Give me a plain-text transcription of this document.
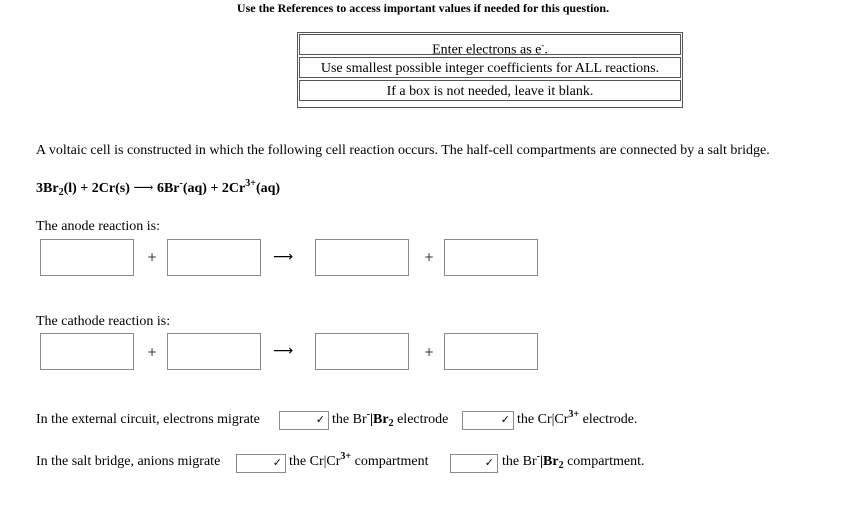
Use the References to access important values if needed for this question.
Enter electrons as e-.
Use smallest possible integer coefficients for ALL reactions.
If a box is not needed, leave it blank.
A voltaic cell is constructed in which the following cell reaction occurs. The half-cell compartments are connected by a salt bridge.
$3Br_2(l) + 2Cr(s)$ ⟶ $6Br^-(aq) + 2Cr^{3+}(aq)$
The anode reaction is:
+	⟶	+
The cathode reaction is:
+	⟶	+
In the external circuit, electrons migrate	✓ the $Br^-|Br_2$ electrode	✓ the $Cr|Cr^{3+}$ electrode.
In the salt bridge, anions migrate	✓ the $Cr|Cr^{3+}$ compartment	✓ the $Br^-|Br_2$ compartment.
